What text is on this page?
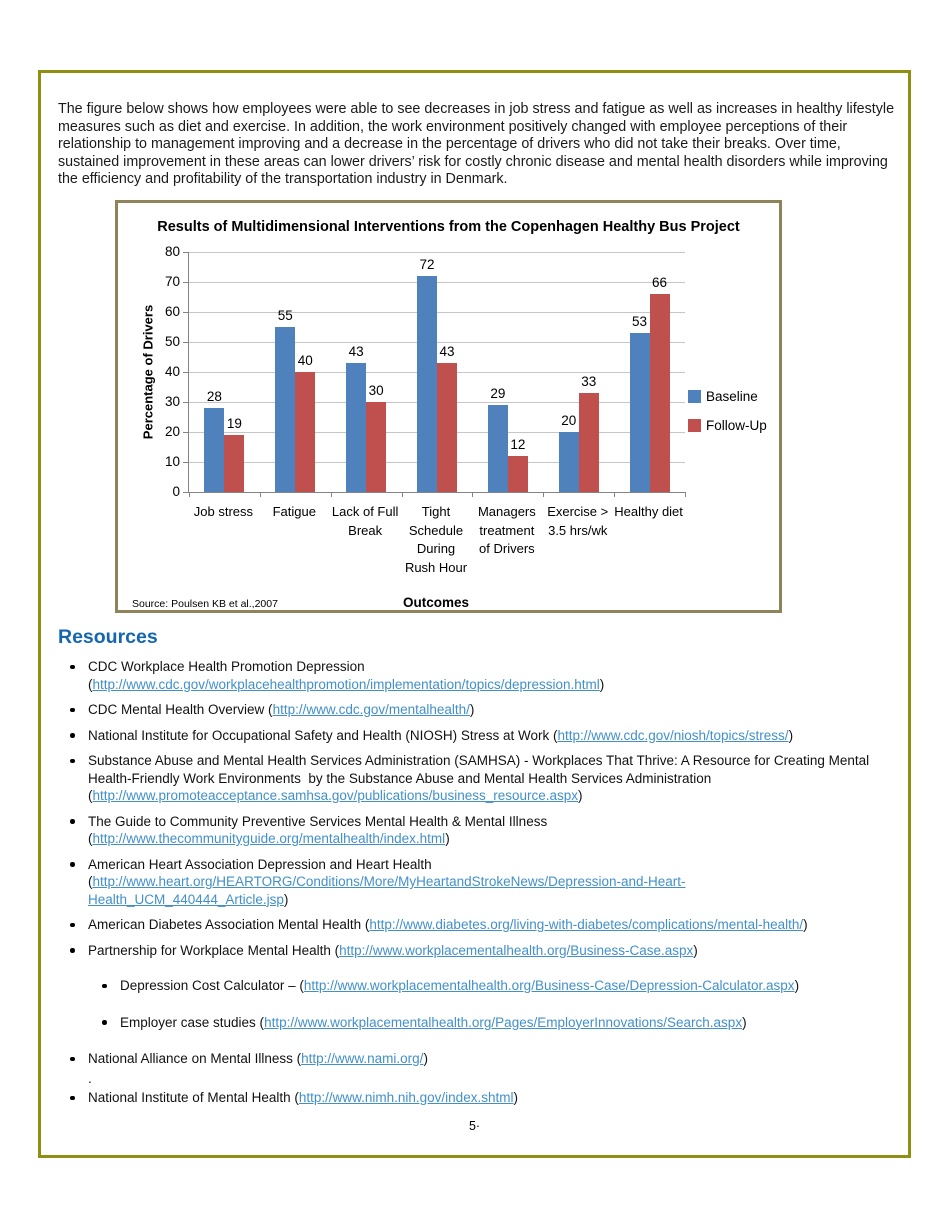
The figure below shows how employees were able to see decreases in job stress and fatigue as well as increases in healthy lifestyle measures such as diet and exercise. In addition, the work environment positively changed with employee perceptions of their relationship to management improving and a decrease in the percentage of drivers who did not take their breaks. Over time, sustained improvement in these areas can lower drivers’ risk for costly chronic disease and mental health disorders while improving the efficiency and profitability of the transportation industry in Denmark.

Results of Multidimensional Interventions from the Copenhagen Healthy Bus Project
Percentage of Drivers	28
55
43
72
29
20
53
19
40
30
43
12
33
66
0
10
20
30
40
50
60
70
80
Baseline
Follow-Up
Job stress	Fatigue	Lack of Full Break
Tight Schedule During Rush Hour
Managers treatment of Drivers
Exercise > 3.5 hrs/wk
Healthy diet
Source: Poulsen KB et al.,2007	Outcomes
Resources
CDC Workplace Health Promotion Depression
(http://www.cdc.gov/workplacehealthpromotion/implementation/topics/depression.html)
CDC Mental Health Overview (http://www.cdc.gov/mentalhealth/)
National Institute for Occupational Safety and Health (NIOSH) Stress at Work (http://www.cdc.gov/niosh/topics/stress/)
Substance Abuse and Mental Health Services Administration (SAMHSA) - Workplaces That Thrive: A Resource for Creating Mental
Health-Friendly Work Environments  by the Substance Abuse and Mental Health Services Administration
(http://www.promoteacceptance.samhsa.gov/publications/business_resource.aspx)
The Guide to Community Preventive Services Mental Health & Mental Illness
(http://www.thecommunityguide.org/mentalhealth/index.html)
American Heart Association Depression and Heart Health
(http://www.heart.org/HEARTORG/Conditions/More/MyHeartandStrokeNews/Depression-and-Heart-
Health_UCM_440444_Article.jsp)
American Diabetes Association Mental Health (http://www.diabetes.org/living-with-diabetes/complications/mental-health/)
Partnership for Workplace Mental Health (http://www.workplacementalhealth.org/Business-Case.aspx)
Depression Cost Calculator – (http://www.workplacementalhealth.org/Business-Case/Depression-Calculator.aspx)
Employer case studies (http://www.workplacementalhealth.org/Pages/EmployerInnovations/Search.aspx)
National Alliance on Mental Illness (http://www.nami.org/)
.
National Institute of Mental Health (http://www.nimh.nih.gov/index.shtml)
5·
